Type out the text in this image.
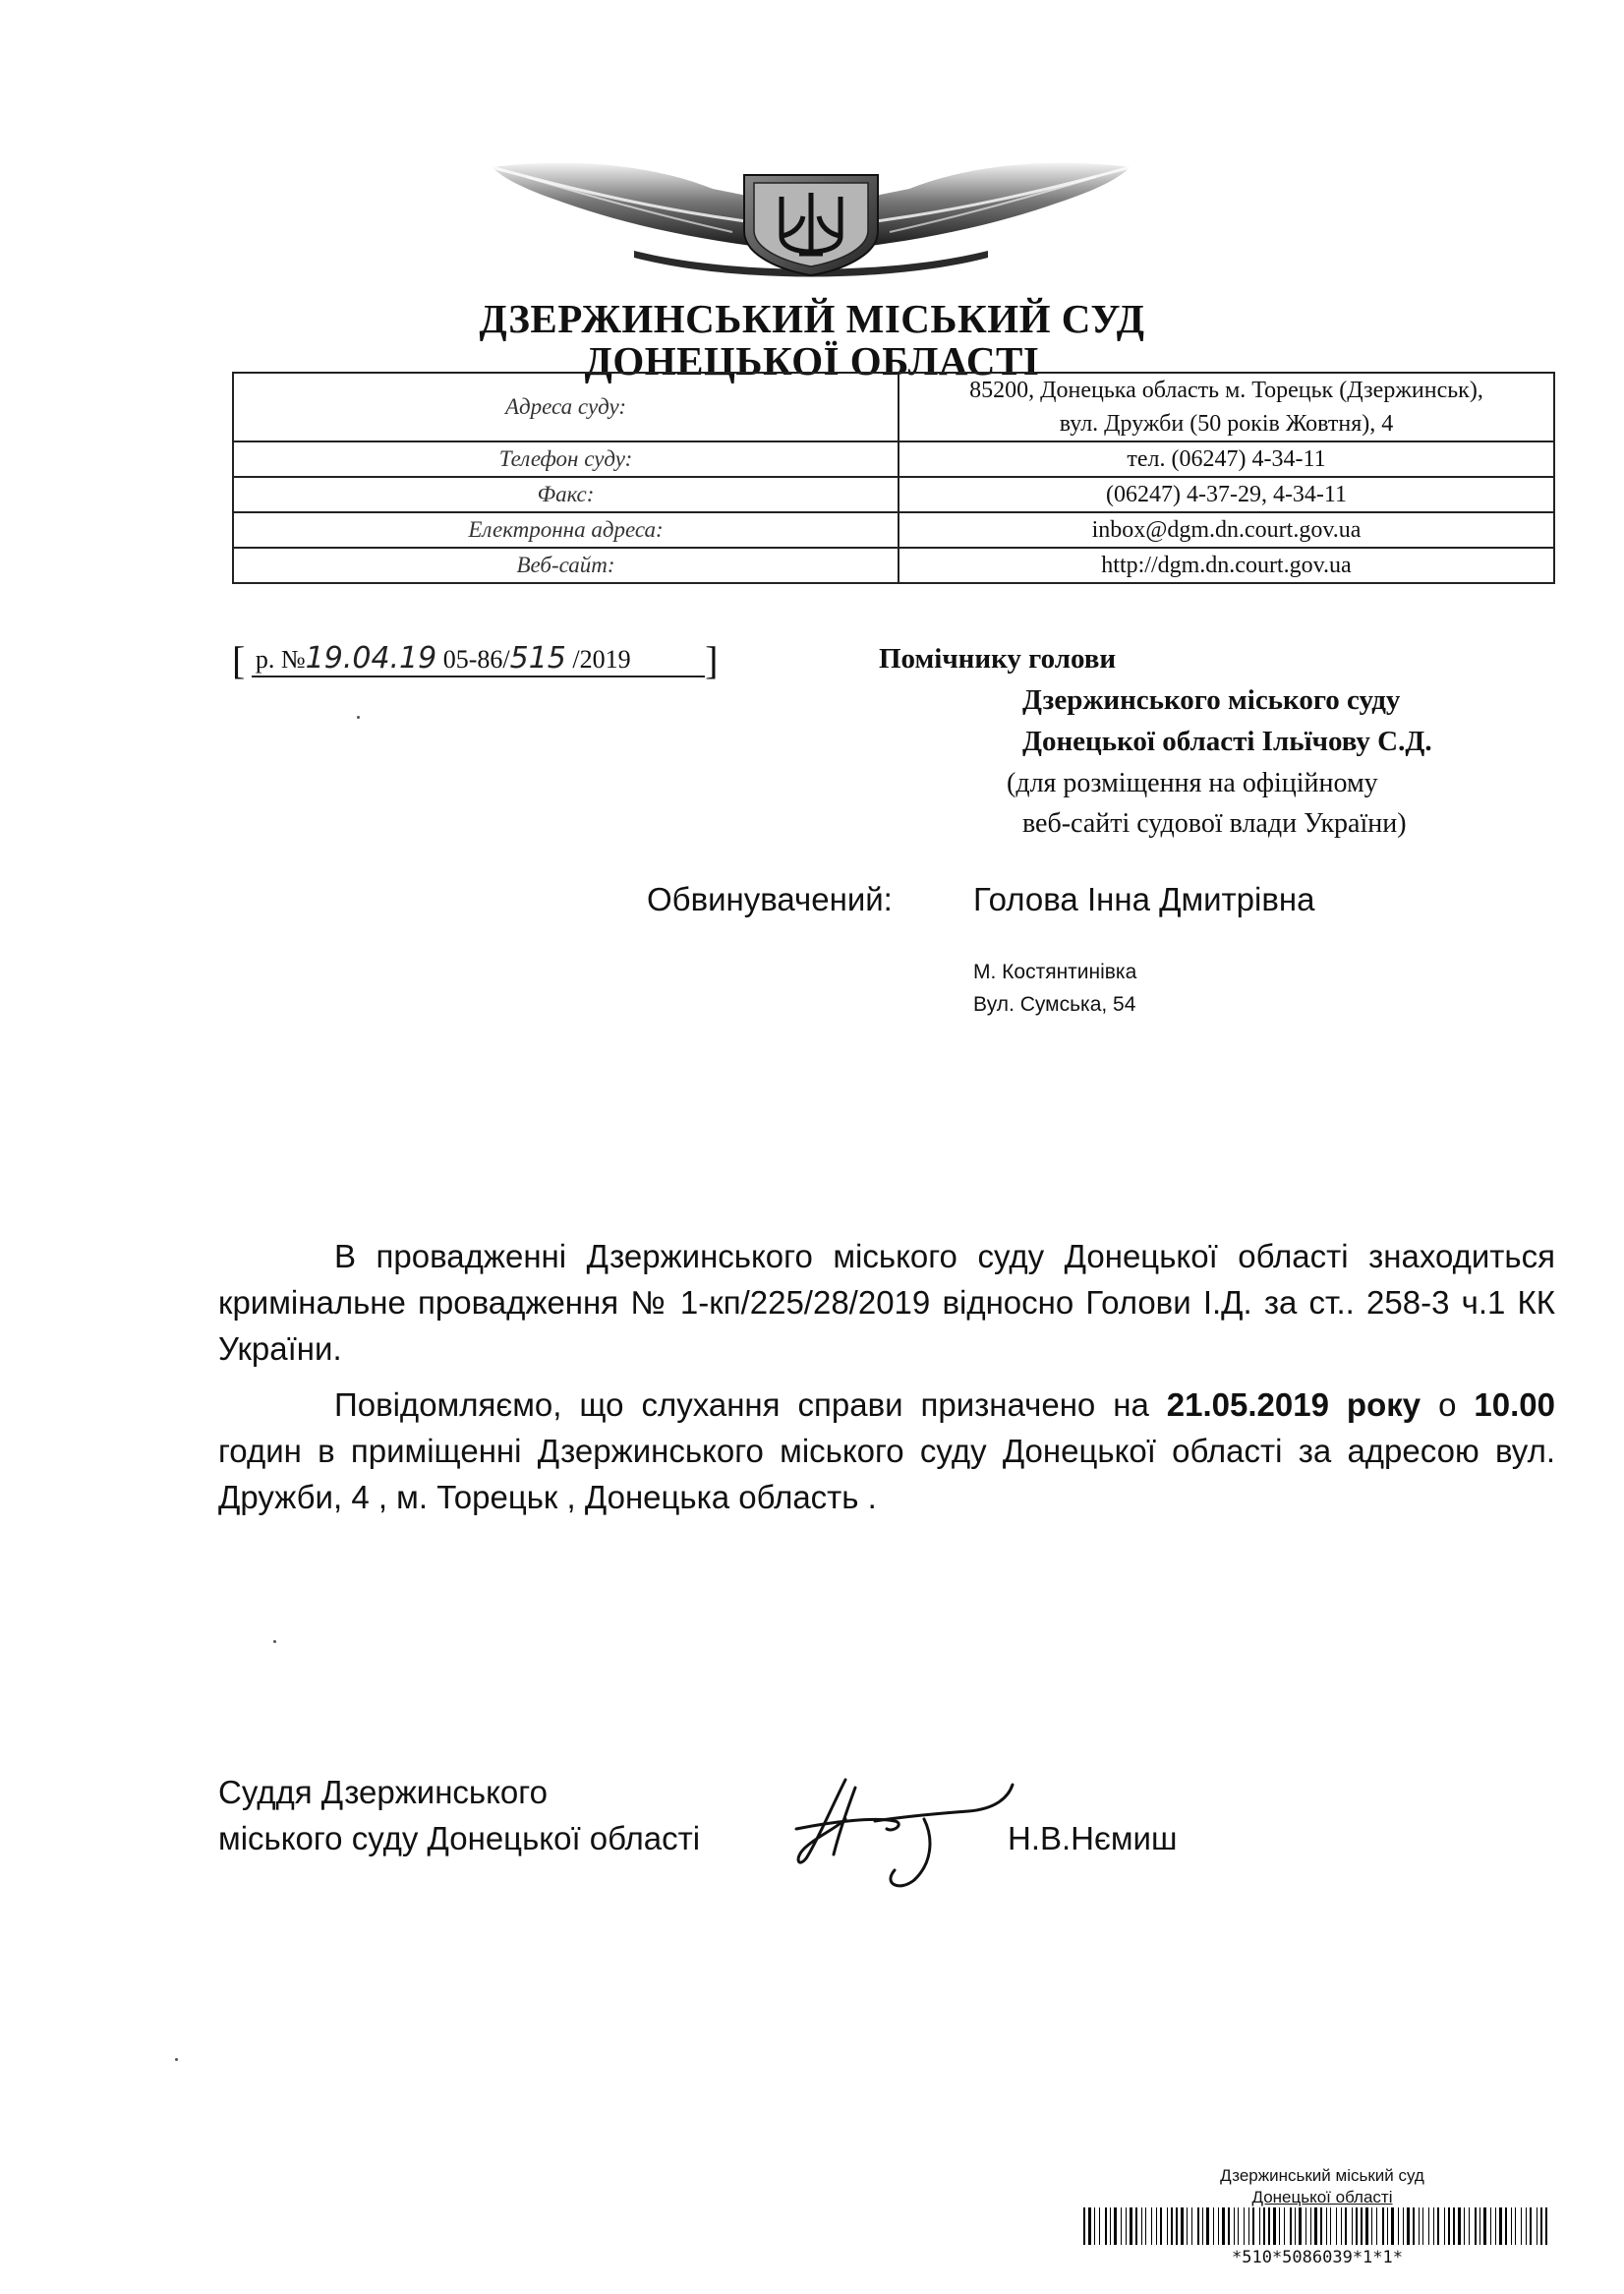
ДЗЕРЖИНСЬКИЙ МІСЬКИЙ СУД
ДОНЕЦЬКОЇ ОБЛАСТІ
Адреса суду:	85200, Донецька область м. Торецьк (Дзержинськ),
вул. Дружби (50 років Жовтня), 4

Телефон суду:	тел. (06247) 4-34-11
Факс:	(06247) 4-37-29, 4-34-11
Електронна адреса:	inbox@dgm.dn.court.gov.ua
Веб-сайт:	http://dgm.dn.court.gov.ua
[ р. №19.04.19 05-86/515 /2019 ]	Помічнику голови
Дзержинського міського суду
Донецької області Ільїчову С.Д.
(для розміщення на офіційному
веб-сайті судової влади України)
Обвинувачений: Голова Інна Дмитрівна
М. Костянтинівка
Вул. Сумська, 54

В провадженні Дзержинського міського суду Донецької області знаходиться кримінальне провадження № 1-кп/225/28/2019 відносно Голови І.Д. за ст.. 258-3 ч.1 КК України.

Повідомляємо, що слухання справи призначено на 21.05.2019 року о 10.00 годин в приміщенні Дзержинського міського суду Донецької області за адресою вул. Дружби, 4 , м. Торецьк , Донецька область .

Суддя Дзержинського
міського суду Донецької області	Н.В.Нємиш
Дзержинський міський суд
Донецької області
*510*5086039*1*1*
